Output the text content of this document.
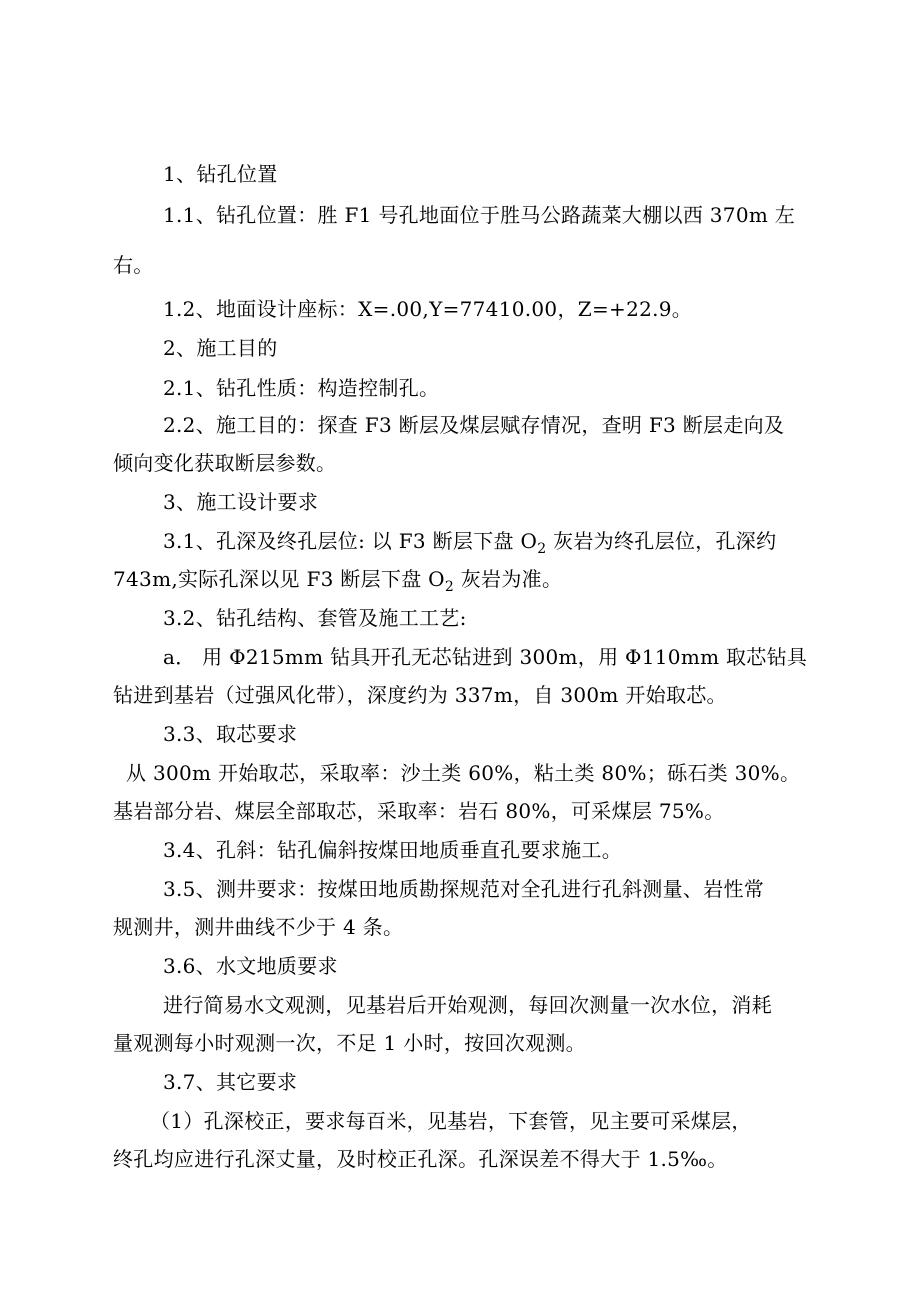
1、钻孔位置
1.1、钻孔位置：胜 F1 号孔地面位于胜马公路蔬菜大棚以西 370m 左
右。
1.2、地面设计座标：X=.00,Y=77410.00，Z=+22.9。
2、施工目的
2.1、钻孔性质：构造控制孔。
2.2、施工目的：探查 F3 断层及煤层赋存情况，查明 F3 断层走向及
倾向变化获取断层参数。
3、施工设计要求
3.1、孔深及终孔层位: 以 F3 断层下盘 $O_2$ 灰岩为终孔层位，孔深约
743m,实际孔深以见 F3 断层下盘 $O_2$ 灰岩为准。
3.2、钻孔结构、套管及施工工艺:
a． 用 Φ215mm 钻具开孔无芯钻进到 300m，用 Φ110mm 取芯钻具
钻进到基岩（过强风化带），深度约为 337m，自 300m 开始取芯。
3.3、取芯要求
从 300m 开始取芯，采取率：沙土类 60%，粘土类 80%；砾石类 30%。
基岩部分岩、煤层全部取芯，采取率：岩石 80%，可采煤层 75%。
3.4、孔斜：钻孔偏斜按煤田地质垂直孔要求施工。
3.5、测井要求：按煤田地质勘探规范对全孔进行孔斜测量、岩性常
规测井，测井曲线不少于 4 条。
3.6、水文地质要求
进行简易水文观测，见基岩后开始观测，每回次测量一次水位，消耗
量观测每小时观测一次，不足 1 小时，按回次观测。
3.7、其它要求
（1）孔深校正，要求每百米，见基岩，下套管，见主要可采煤层，
终孔均应进行孔深丈量，及时校正孔深。孔深误差不得大于 1.5‰。
